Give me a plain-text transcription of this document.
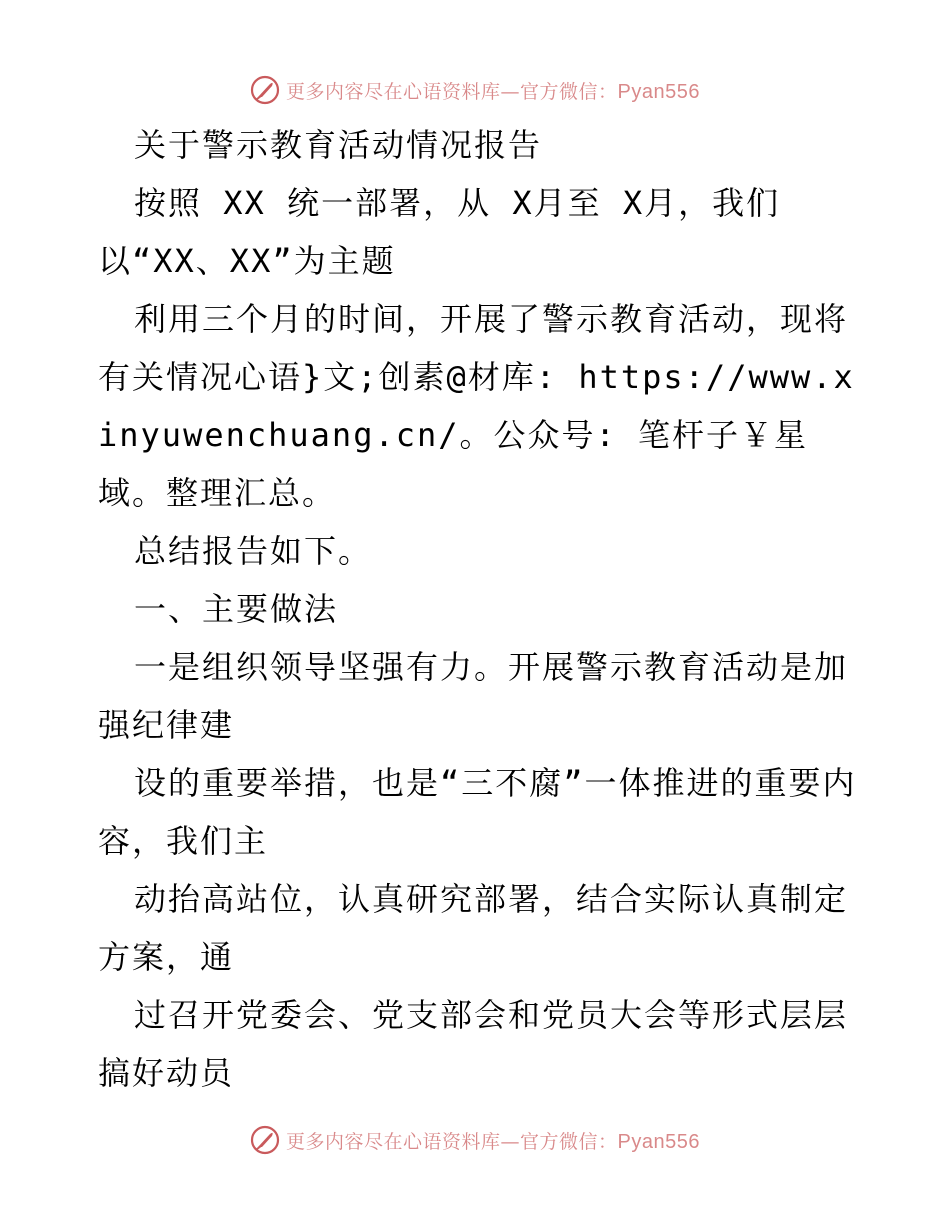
更多内容尽在心语资料库—官方微信：Pyan556

关于警示教育活动情况报告

按照 XX 统一部署，从 X月至 X月，我们

以“XX、XX”为主题

利用三个月的时间，开展了警示教育活动，现将有关情况心语}文;创素@材库: https://www.xinyuwenchuang.cn/。公众号: 笔杆子￥星域。整理汇总。

总结报告如下。

一、主要做法

一是组织领导坚强有力。开展警示教育活动是加强纪律建

设的重要举措，也是“三不腐”一体推进的重要内容，我们主

动抬高站位，认真研究部署，结合实际认真制定方案，通

过召开党委会、党支部会和党员大会等形式层层搞好动员

更多内容尽在心语资料库—官方微信：Pyan556
